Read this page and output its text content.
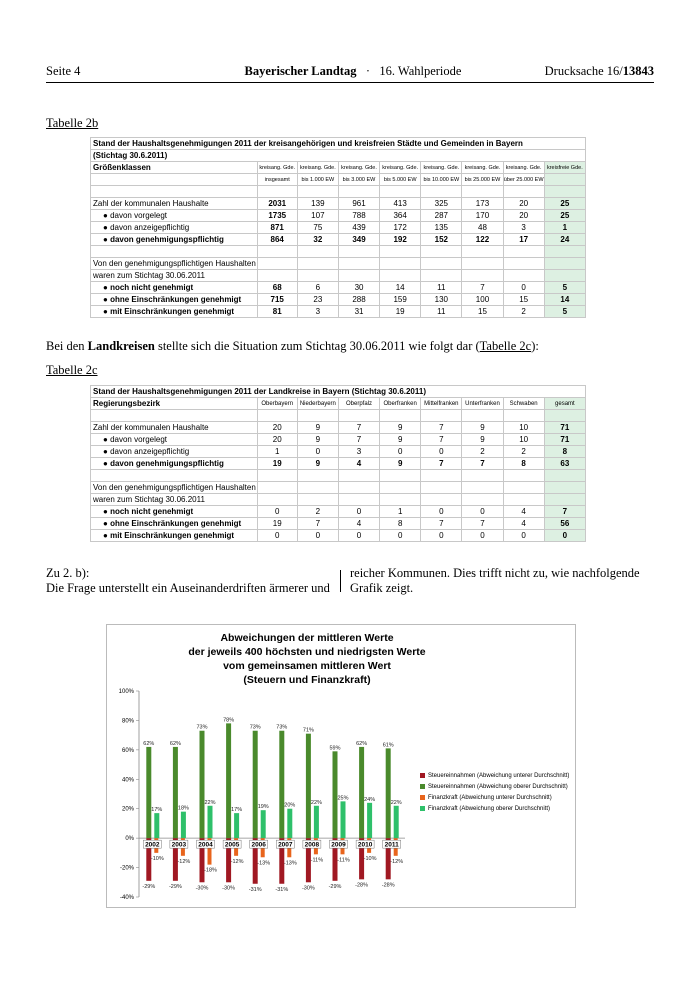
Seite 4	Bayerischer Landtag · 16. Wahlperiode	Drucksache 16/13843
Tabelle 2b
Stand der Haushaltsgenehmigungen 2011 der kreisangehörigen und kreisfreien Städte und Gemeinden in Bayern								
(Stichtag 30.6.2011)								
Größenklassen	kreisang. Gde.	kreisang. Gde.	kreisang. Gde.	kreisang. Gde.	kreisang. Gde.	kreisang. Gde.	kreisang. Gde.	kreisfreie Gde.
	insgesamt	bis 1.000 EW	bis 3.000 EW	bis 5.000 EW	bis 10.000 EW	bis 25.000 EW	über 25.000 EW	

Zahl der kommunalen Haushalte	2031	139	961	413	325	173	20	25
● davon vorgelegt	1735	107	788	364	287	170	20	25
● davon anzeigepflichtig	871	75	439	172	135	48	3	1
● davon genehmigungspflichtig	864	32	349	192	152	122	17	24

Von den genehmigungspflichtigen Haushalten								
waren zum Stichtag 30.06.2011								
● noch nicht genehmigt	68	6	30	14	11	7	0	5
● ohne Einschränkungen genehmigt	715	23	288	159	130	100	15	14
● mit Einschränkungen genehmigt	81	3	31	19	11	15	2	5
Bei den Landkreisen stellte sich die Situation zum Stichtag 30.06.2011 wie folgt dar (Tabelle 2c):
Tabelle 2c
Stand der Haushaltsgenehmigungen 2011 der Landkreise in Bayern (Stichtag 30.6.2011)								
Regierungsbezirk	Oberbayern	Niederbayern	Oberpfalz	Oberfranken	Mittelfranken	Unterfranken	Schwaben	gesamt

Zahl der kommunalen Haushalte	20	9	7	9	7	9	10	71
● davon vorgelegt	20	9	7	9	7	9	10	71
● davon anzeigepflichtig	1	0	3	0	0	2	2	8
● davon genehmigungspflichtig	19	9	4	9	7	7	8	63

Von den genehmigungspflichtigen Haushalten								
waren zum Stichtag 30.06.2011								
● noch nicht genehmigt	0	2	0	1	0	0	4	7
● ohne Einschränkungen genehmigt	19	7	4	8	7	7	4	56
● mit Einschränkungen genehmigt	0	0	0	0	0	0	0	0
Zu 2. b):
Die Frage unterstellt ein Auseinanderdriften ärmerer und
reicher Kommunen. Dies trifft nicht zu, wie nachfolgende
Grafik zeigt.
Abweichungen der mittleren Werte
der jeweils 400 höchsten und niedrigsten Werte
vom gemeinsamen mittleren Wert
(Steuern und Finanzkraft)
-40%
-20%
0%
20%
40%
60%
80%
100%
-29%
62%
-10%
17%
2002
-29%
62%
-12%
18%
2003
-30%
73%
-18%
22%
2004
-30%
78%
-12%
17%
2005
-31%
73%
-13%
19%
2006
-31%
73%
-13%
20%
2007
-30%
71%
-11%
22%
2008
-29%
59%
-11%
25%
2009
-28%
62%
-10%
24%
2010
-28%
61%
-12%
22%
2011
Steuereinnahmen (Abweichung unterer Durchschnitt)
Steuereinnahmen (Abweichung oberer Durchschnitt)
Finanzkraft (Abweichung unterer Durchschnitt)
Finanzkraft (Abweichung oberer Durchschnitt)
